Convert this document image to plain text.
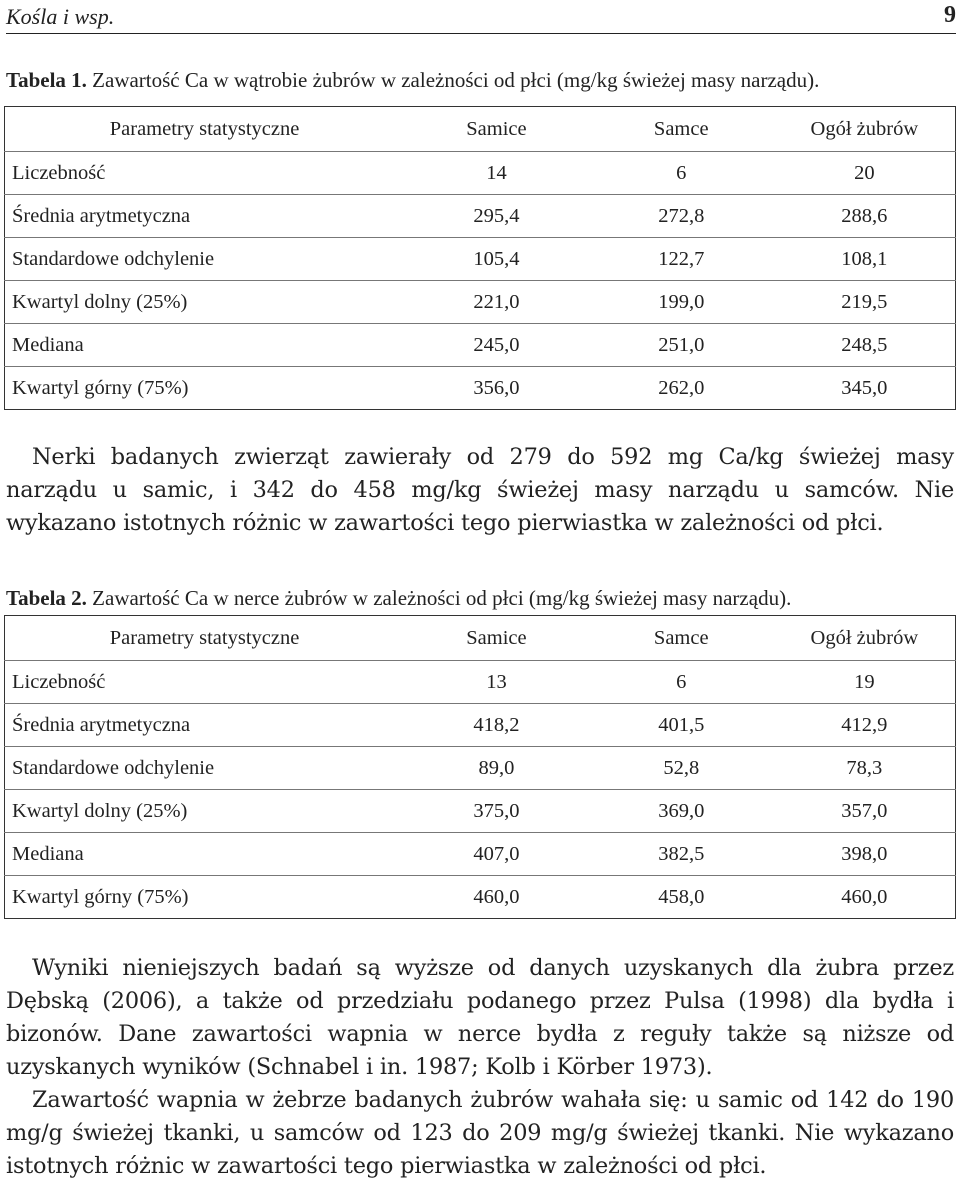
Kośla i wsp.	9
Tabela 1. Zawartość Ca w wątrobie żubrów w zależności od płci (mg/kg świeżej masy narządu).
Parametry statystyczne	Samice	Samce	Ogół żubrów
Liczebność	14	6	20
Średnia arytmetyczna	295,4	272,8	288,6
Standardowe odchylenie	105,4	122,7	108,1
Kwartyl dolny (25%)	221,0	199,0	219,5
Mediana	245,0	251,0	248,5
Kwartyl górny (75%)	356,0	262,0	345,0

Nerki badanych zwierząt zawierały od 279 do 592 mg Ca/kg świeżej masy narządu u samic, i 342 do 458 mg/kg świeżej masy narządu u samców. Nie wykazano istotnych różnic w zawartości tego pierwiastka w zależności od płci.

Tabela 2. Zawartość Ca w nerce żubrów w zależności od płci (mg/kg świeżej masy narządu).
Parametry statystyczne	Samice	Samce	Ogół żubrów
Liczebność	13	6	19
Średnia arytmetyczna	418,2	401,5	412,9
Standardowe odchylenie	89,0	52,8	78,3
Kwartyl dolny (25%)	375,0	369,0	357,0
Mediana	407,0	382,5	398,0
Kwartyl górny (75%)	460,0	458,0	460,0

Wyniki nieniejszych badań są wyższe od danych uzyskanych dla żubra przez Dębską (2006), a także od przedziału podanego przez Pulsa (1998) dla bydła i bizonów. Dane zawartości wapnia w nerce bydła z reguły także są niższe od uzyskanych wyników (Schnabel i in. 1987; Kolb i Körber 1973).

Zawartość wapnia w żebrze badanych żubrów wahała się: u samic od 142 do 190 mg/g świeżej tkanki, u samców od 123 do 209 mg/g świeżej tkanki. Nie wykazano istotnych różnic w zawartości tego pierwiastka w zależności od płci.
